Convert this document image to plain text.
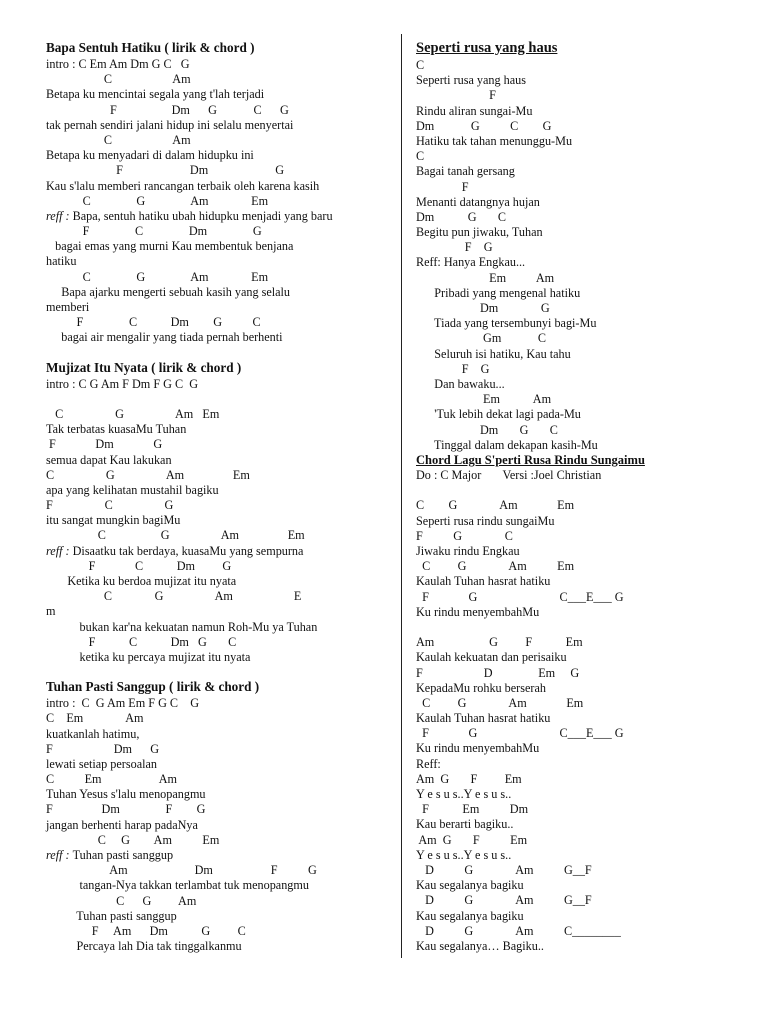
Bapa Sentuh Hatiku ( lirik & chord )
intro : C Em Am Dm G C   G
C                    Am
Betapa ku mencintai segala yang t'lah terjadi
F                  Dm      G            C      G
tak pernah sendiri jalani hidup ini selalu menyertai
C                    Am
Betapa ku menyadari di dalam hidupku ini
F                      Dm                      G
Kau s'lalu memberi rancangan terbaik oleh karena kasih
C               G               Am              Em
reff : Bapa, sentuh hatiku ubah hidupku menjadi yang baru
F               C               Dm               G
bagai emas yang murni Kau membentuk benjana
hatiku
C               G               Am              Em
Bapa ajarku mengerti sebuah kasih yang selalu
memberi
F               C           Dm        G          C
bagai air mengalir yang tiada pernah berhenti
Mujizat Itu Nyata ( lirik & chord )
intro : C G Am F Dm F G C  G

C                 G                 Am   Em
Tak terbatas kuasaMu Tuhan
F             Dm             G
semua dapat Kau lakukan
C                 G                 Am                Em
apa yang kelihatan mustahil bagiku
F                 C                 G
itu sangat mungkin bagiMu
C                  G                 Am                Em
reff : Disaatku tak berdaya, kuasaMu yang sempurna
F             C           Dm         G
Ketika ku berdoa mujizat itu nyata
C              G                 Am                    E
m
bukan kar'na kekuatan namun Roh-Mu ya Tuhan
F           C           Dm   G       C
ketika ku percaya mujizat itu nyata
Tuhan Pasti Sanggup ( lirik & chord )
intro :  C  G Am Em F G C    G
C    Em              Am
kuatkanlah hatimu,
F                    Dm      G
lewati setiap persoalan
C          Em                   Am
Tuhan Yesus s'lalu menopangmu
F                Dm               F        G
jangan berhenti harap padaNya
C     G        Am          Em
reff : Tuhan pasti sanggup
Am                      Dm                   F          G
tangan-Nya takkan terlambat tuk menopangmu
C      G         Am
Tuhan pasti sanggup
F     Am      Dm           G         C
Percaya lah Dia tak tinggalkanmu
Seperti rusa yang haus
C
Seperti rusa yang haus
F
Rindu aliran sungai-Mu
Dm            G          C        G
Hatiku tak tahan menunggu-Mu
C
Bagai tanah gersang
F
Menanti datangnya hujan
Dm           G       C
Begitu pun jiwaku, Tuhan
F    G
Reff: Hanya Engkau...
Em          Am
Pribadi yang mengenal hatiku
Dm              G
Tiada yang tersembunyi bagi-Mu
Gm            C
Seluruh isi hatiku, Kau tahu
F    G
Dan bawaku...
Em           Am
'Tuk lebih dekat lagi pada-Mu
Dm       G       C
Tinggal dalam dekapan kasih-Mu
Chord Lagu S'perti Rusa Rindu Sungaimu
Do : C Major       Versi :Joel Christian

C        G              Am             Em
Seperti rusa rindu sungaiMu
F          G              C
Jiwaku rindu Engkau
C         G              Am          Em
Kaulah Tuhan hasrat hatiku
F             G                           C___E___ G
Ku rindu menyembahMu

Am                  G         F           Em
Kaulah kekuatan dan perisaiku
F                    D               Em     G
KepadaMu rohku berserah
C         G              Am             Em
Kaulah Tuhan hasrat hatiku
F             G                           C___E___ G
Ku rindu menyembahMu
Reff:
Am  G       F         Em
Y e s u s..Y e s u s..
F           Em          Dm
Kau berarti bagiku..
Am  G       F          Em
Y e s u s..Y e s u s..
D          G              Am          G__F
Kau segalanya bagiku
D          G              Am          G__F
Kau segalanya bagiku
D          G              Am          C________
Kau segalanya… Bagiku..
